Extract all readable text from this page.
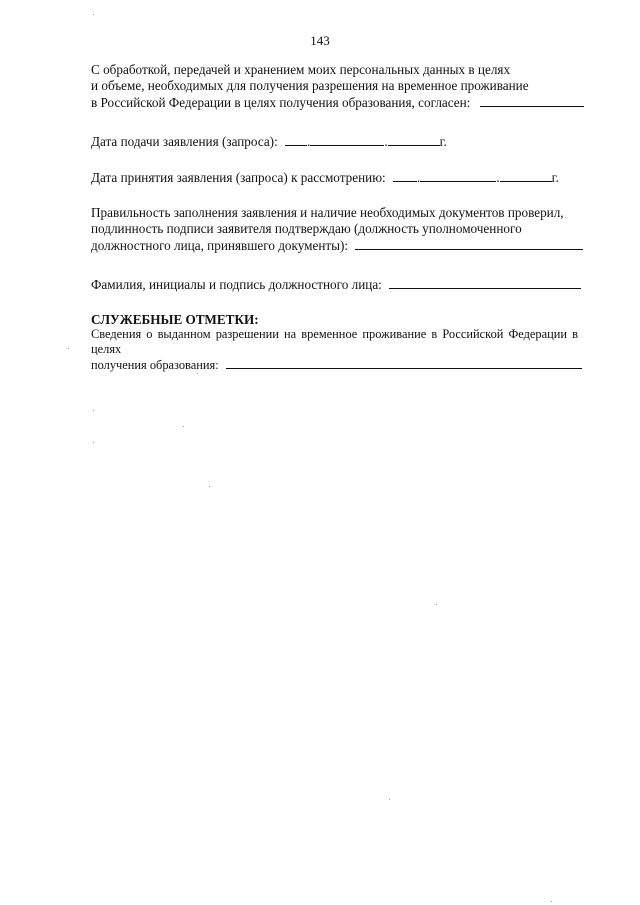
143

С обработкой, передачей и хранением моих персональных данных в целях

и объеме, необходимых для получения разрешения на временное проживание

в Российской Федерации в целях получения образования, согласен:

Дата подачи заявления (запроса): .	.	г.

Дата принятия заявления (запроса) к рассмотрению: .	.	г.

Правильность заполнения заявления и наличие необходимых документов проверил,

подлинность подписи заявителя подтверждаю (должность уполномоченного

должностного лица, принявшего документы):

Фамилия, инициалы и подпись должностного лица:

СЛУЖЕБНЫЕ ОТМЕТКИ:

Сведения о выданном разрешении на временное проживание в Российской Федерации в целях

получения образования:
